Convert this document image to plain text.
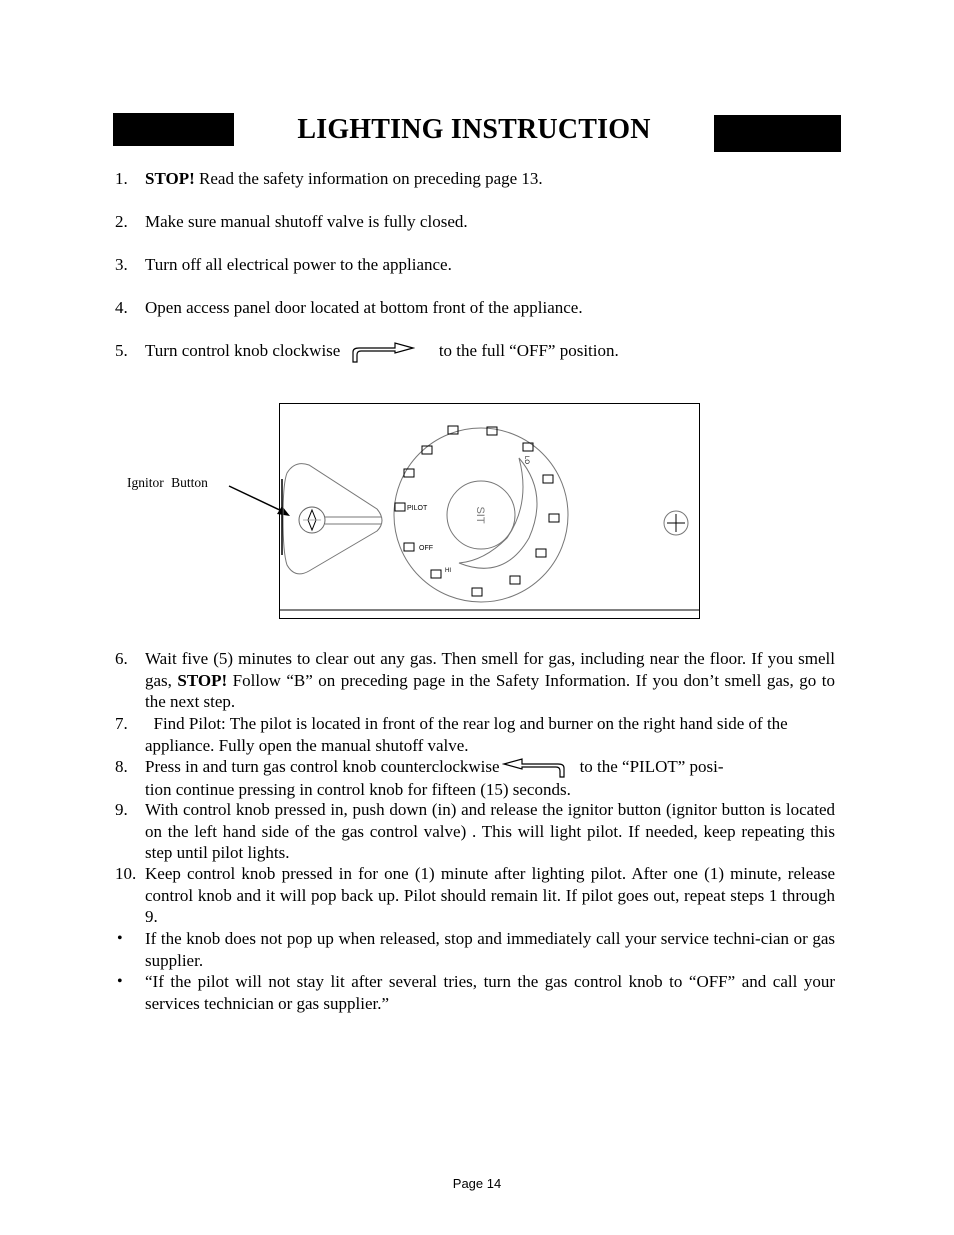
LIGHTING INSTRUCTION
1. STOP! Read the safety information on preceding page 13.
2. Make sure manual shutoff valve is fully closed.
3. Turn off all electrical power to the appliance.
4. Open access panel door located at bottom front of the appliance.
5. Turn control knob clockwise	to the full “OFF” position.
Ignitor Button
SIT
PILOT
OFF
HI
LO
6. Wait five (5) minutes to clear out any gas. Then smell for gas, including near the floor. If you smell gas, STOP! Follow “B” on preceding page in the Safety Information. If you don’t smell gas, go to the next step.
7. Find Pilot: The pilot is located in front of the rear log and burner on the right hand side of the appliance. Fully open the manual shutoff valve.
8. Press in and turn gas control knob counterclockwise	to the “PILOT” posi-
tion continue pressing in control knob for fifteen (15) seconds.
9. With control knob pressed in, push down (in) and release the ignitor button (ignitor button is located on the left hand side of the gas control valve) . This will light pilot. If needed, keep repeating this step until pilot lights.
10. Keep control knob pressed in for one (1) minute after lighting pilot. After one (1) minute, release control knob and it will pop back up. Pilot should remain lit. If pilot goes out, repeat steps 1 through 9.
• If the knob does not pop up when released, stop and immediately call your service techni-cian or gas supplier.
• “If the pilot will not stay lit after several tries, turn the gas control knob to “OFF” and call your services technician or gas supplier.”
Page 14
